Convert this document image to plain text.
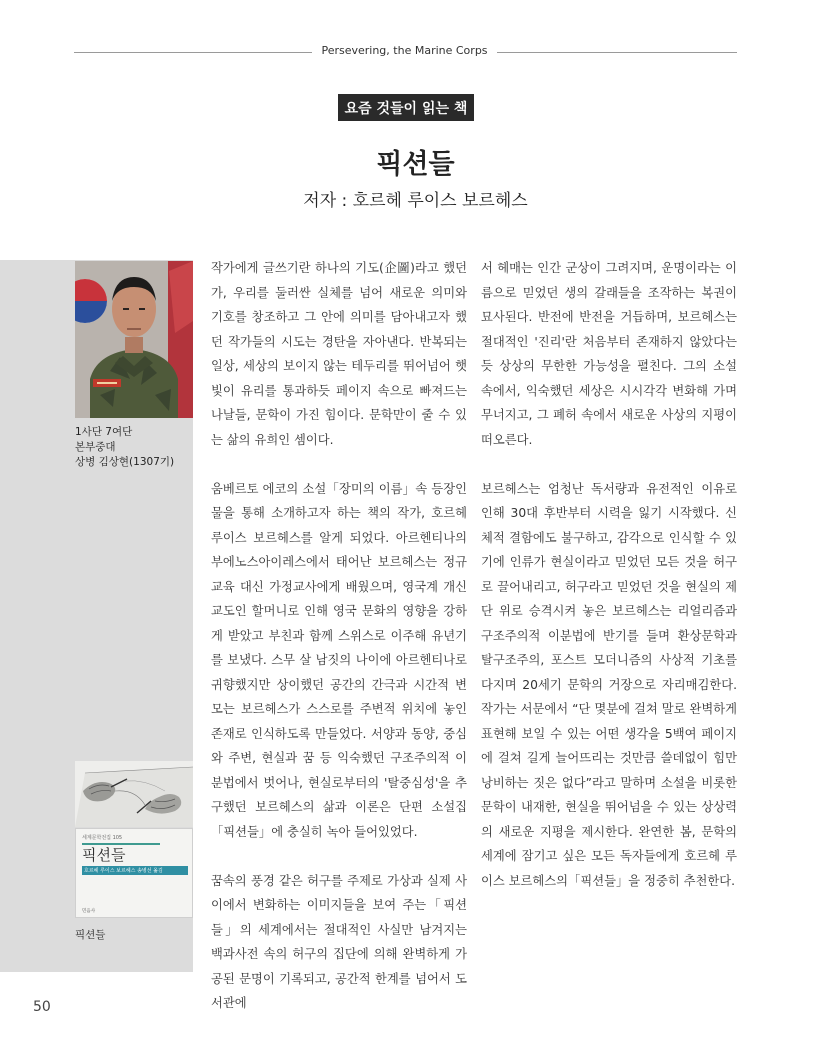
Persevering, the Marine Corps
요즘 것들이 읽는 책
픽션들
저자 : 호르헤 루이스 보르헤스
1사단 7여단
본부중대
상병 김상현(1307기)
세계문학전집 105
픽션들
호르헤 루이스 보르헤스 송병선 옮김
민음사
픽션들

작가에게 글쓰기란 하나의 기도(企圖)라고 했던가, 우리를 둘러싼 실체를 넘어 새로운 의미와 기호를 창조하고 그 안에 의미를 담아내고자 했던 작가들의 시도는 경탄을 자아낸다. 반복되는 일상, 세상의 보이지 않는 테두리를 뛰어넘어 햇빛이 유리를 통과하듯 페이지 속으로 빠져드는 나날들, 문학이 가진 힘이다. 문학만이 줄 수 있는 삶의 유희인 셈이다.

움베르토 에코의 소설「장미의 이름」속 등장인물을 통해 소개하고자 하는 책의 작가, 호르헤 루이스 보르헤스를 알게 되었다. 아르헨티나의 부에노스아이레스에서 태어난 보르헤스는 정규 교육 대신 가정교사에게 배웠으며, 영국계 개신교도인 할머니로 인해 영국 문화의 영향을 강하게 받았고 부친과 함께 스위스로 이주해 유년기를 보냈다. 스무 살 남짓의 나이에 아르헨티나로 귀향했지만 상이했던 공간의 간극과 시간적 변모는 보르헤스가 스스로를 주변적 위치에 놓인 존재로 인식하도록 만들었다. 서양과 동양, 중심와 주변, 현실과 꿈 등 익숙했던 구조주의적 이분법에서 벗어나, 현실로부터의 '탈중심성'을 추구했던 보르헤스의 삶과 이론은 단편 소설집「픽션들」에 충실히 녹아 들어있었다.

꿈속의 풍경 같은 허구를 주제로 가상과 실제 사이에서 변화하는 이미지들을 보여 주는「픽션들」의 세계에서는 절대적인 사실만 남겨지는 백과사전 속의 허구의 집단에 의해 완벽하게 가공된 문명이 기록되고, 공간적 한계를 넘어서 도서관에

서 헤매는 인간 군상이 그려지며, 운명이라는 이름으로 믿었던 생의 갈래들을 조작하는 복권이 묘사된다. 반전에 반전을 거듭하며, 보르헤스는 절대적인 '진리'란 처음부터 존재하지 않았다는 듯 상상의 무한한 가능성을 펼친다. 그의 소설 속에서, 익숙했던 세상은 시시각각 변화해 가며 무너지고, 그 폐허 속에서 새로운 사상의 지평이 떠오른다.

보르헤스는 엄청난 독서량과 유전적인 이유로 인해 30대 후반부터 시력을 잃기 시작했다. 신체적 결함에도 불구하고, 감각으로 인식할 수 있기에 인류가 현실이라고 믿었던 모든 것을 허구로 끌어내리고, 허구라고 믿었던 것을 현실의 제단 위로 승격시켜 놓은 보르헤스는 리얼리즘과 구조주의적 이분법에 반기를 들며 환상문학과 탈구조주의, 포스트 모더니즘의 사상적 기초를 다지며 20세기 문학의 거장으로 자리매김한다. 작가는 서문에서 “단 몇분에 걸쳐 말로 완벽하게 표현해 보일 수 있는 어떤 생각을 5백여 페이지에 걸쳐 길게 늘어뜨리는 것만큼 쓸데없이 힘만 낭비하는 짓은 없다”라고 말하며 소설을 비롯한 문학이 내재한, 현실을 뛰어넘을 수 있는 상상력의 새로운 지평을 제시한다. 완연한 봄, 문학의 세계에 잠기고 싶은 모든 독자들에게 호르헤 루이스 보르헤스의「픽션들」을 정중히 추천한다.

50
